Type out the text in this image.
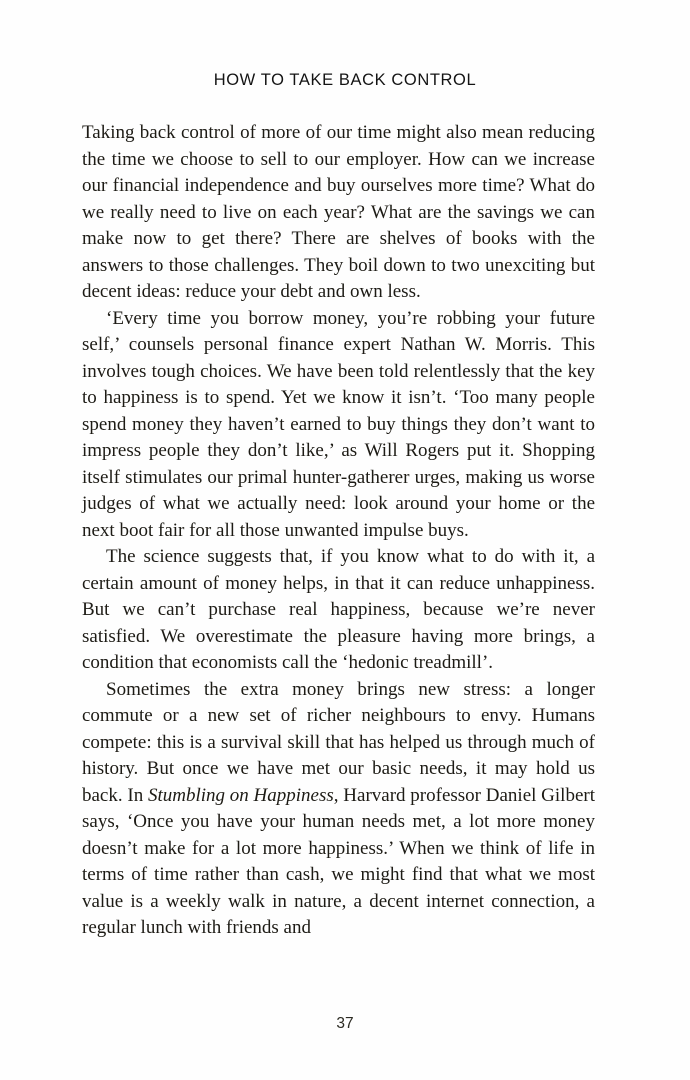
HOW TO TAKE BACK CONTROL

Taking back control of more of our time might also mean reducing the time we choose to sell to our employer. How can we increase our financial independence and buy ourselves more time? What do we really need to live on each year? What are the savings we can make now to get there? There are shelves of books with the answers to those challenges. They boil down to two unexciting but decent ideas: reduce your debt and own less.

‘Every time you borrow money, you’re robbing your future self,’ counsels personal finance expert Nathan W. Morris. This involves tough choices. We have been told relentlessly that the key to happiness is to spend. Yet we know it isn’t. ‘Too many people spend money they haven’t earned to buy things they don’t want to impress people they don’t like,’ as Will Rogers put it. Shopping itself stimulates our primal hunter-gatherer urges, making us worse judges of what we actually need: look around your home or the next boot fair for all those unwanted impulse buys.

The science suggests that, if you know what to do with it, a certain amount of money helps, in that it can reduce unhappiness. But we can’t purchase real happiness, because we’re never satisfied. We overestimate the pleasure having more brings, a condition that economists call the ‘hedonic treadmill’.

Sometimes the extra money brings new stress: a longer commute or a new set of richer neighbours to envy. Humans compete: this is a survival skill that has helped us through much of history. But once we have met our basic needs, it may hold us back. In Stumbling on Happiness, Harvard professor Daniel Gilbert says, ‘Once you have your human needs met, a lot more money doesn’t make for a lot more happiness.’ When we think of life in terms of time rather than cash, we might find that what we most value is a weekly walk in nature, a decent internet connection, a regular lunch with friends and

37
